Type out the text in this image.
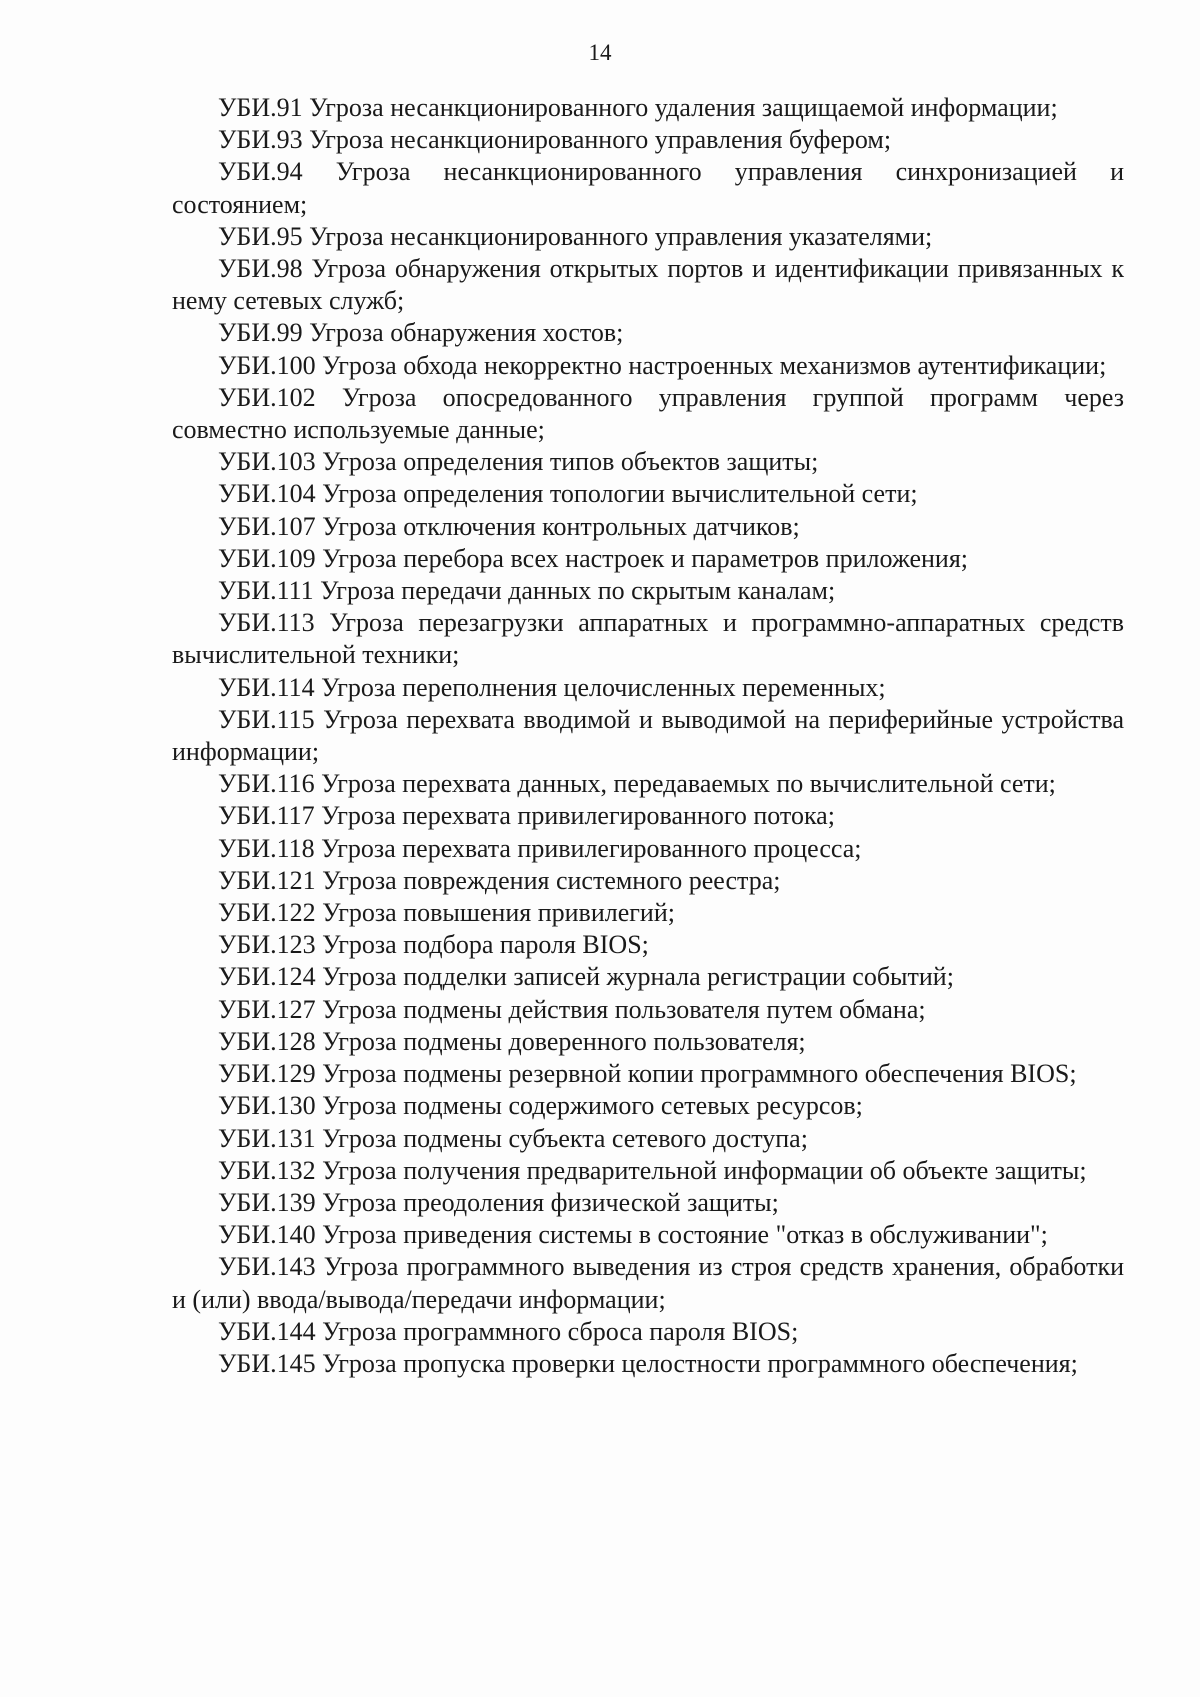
14
УБИ.91 Угроза несанкционированного удаления защищаемой информации;
УБИ.93 Угроза несанкционированного управления буфером;
УБИ.94 Угроза несанкционированного управления синхронизацией и состоянием;
УБИ.95 Угроза несанкционированного управления указателями;
УБИ.98 Угроза обнаружения открытых портов и идентификации привязанных к нему сетевых служб;
УБИ.99 Угроза обнаружения хостов;
УБИ.100 Угроза обхода некорректно настроенных механизмов аутентификации;
УБИ.102 Угроза опосредованного управления группой программ через совместно используемые данные;
УБИ.103 Угроза определения типов объектов защиты;
УБИ.104 Угроза определения топологии вычислительной сети;
УБИ.107 Угроза отключения контрольных датчиков;
УБИ.109 Угроза перебора всех настроек и параметров приложения;
УБИ.111 Угроза передачи данных по скрытым каналам;
УБИ.113 Угроза перезагрузки аппаратных и программно-аппаратных средств вычислительной техники;
УБИ.114 Угроза переполнения целочисленных переменных;
УБИ.115 Угроза перехвата вводимой и выводимой на периферийные устройства информации;
УБИ.116 Угроза перехвата данных, передаваемых по вычислительной сети;
УБИ.117 Угроза перехвата привилегированного потока;
УБИ.118 Угроза перехвата привилегированного процесса;
УБИ.121 Угроза повреждения системного реестра;
УБИ.122 Угроза повышения привилегий;
УБИ.123 Угроза подбора пароля BIOS;
УБИ.124 Угроза подделки записей журнала регистрации событий;
УБИ.127 Угроза подмены действия пользователя путем обмана;
УБИ.128 Угроза подмены доверенного пользователя;
УБИ.129 Угроза подмены резервной копии программного обеспечения BIOS;
УБИ.130 Угроза подмены содержимого сетевых ресурсов;
УБИ.131 Угроза подмены субъекта сетевого доступа;
УБИ.132 Угроза получения предварительной информации об объекте защиты;
УБИ.139 Угроза преодоления физической защиты;
УБИ.140 Угроза приведения системы в состояние "отказ в обслуживании";
УБИ.143 Угроза программного выведения из строя средств хранения, обработки и (или) ввода/вывода/передачи информации;
УБИ.144 Угроза программного сброса пароля BIOS;
УБИ.145 Угроза пропуска проверки целостности программного обеспечения;
